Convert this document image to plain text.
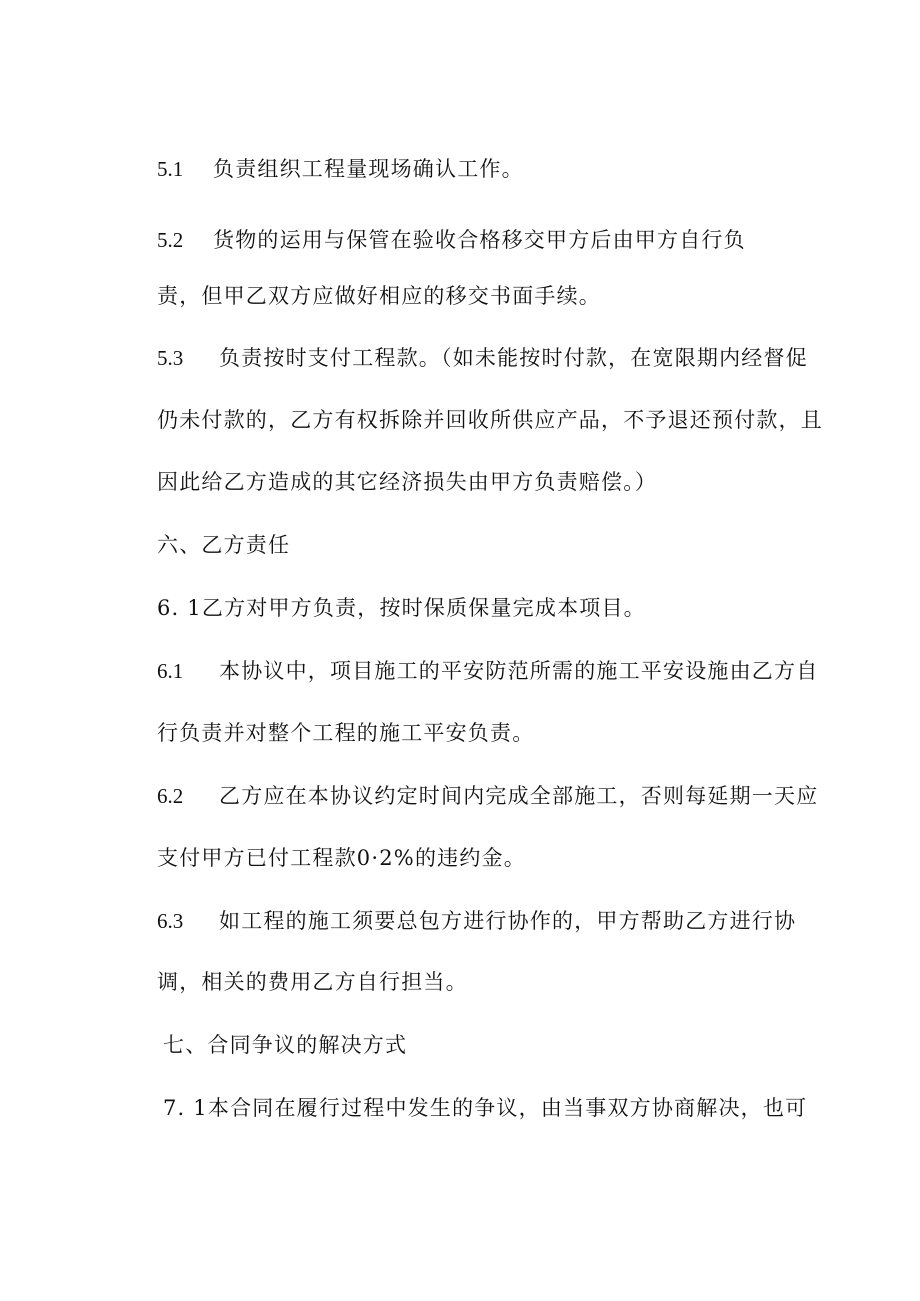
5.1 负责组织工程量现场确认工作。
5.2 货物的运用与保管在验收合格移交甲方后由甲方自行负
责，但甲乙双方应做好相应的移交书面手续。
5.3 负责按时支付工程款。（如未能按时付款，在宽限期内经督促
仍未付款的，乙方有权拆除并回收所供应产品，不予退还预付款，且
因此给乙方造成的其它经济损失由甲方负责赔偿。）
六、乙方责任
6. 1乙方对甲方负责，按时保质保量完成本项目。
6.1 本协议中，项目施工的平安防范所需的施工平安设施由乙方自
行负责并对整个工程的施工平安负责。
6.2 乙方应在本协议约定时间内完成全部施工，否则每延期一天应
支付甲方已付工程款0·2%的违约金。
6.3 如工程的施工须要总包方进行协作的，甲方帮助乙方进行协
调，相关的费用乙方自行担当。
七、合同争议的解决方式
7. 1本合同在履行过程中发生的争议，由当事双方协商解决，也可
